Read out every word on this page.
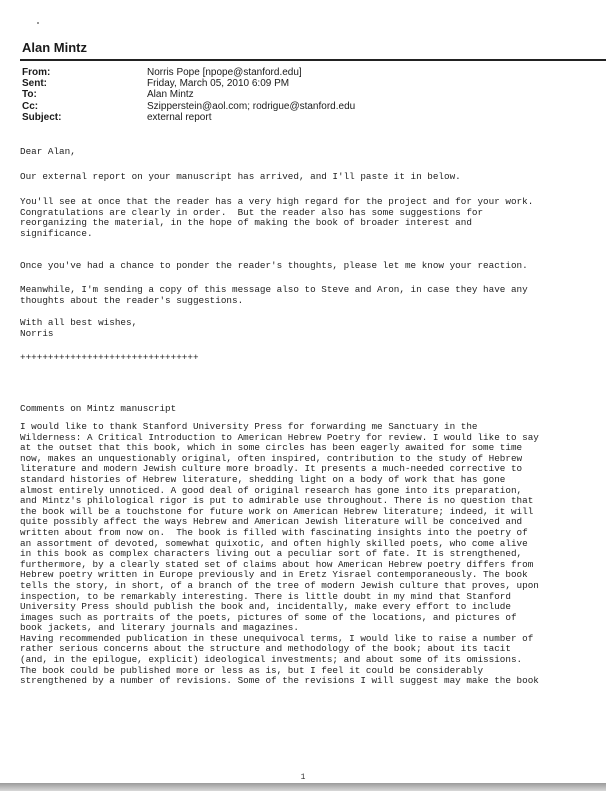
Alan Mintz
From:	Norris Pope [npope@stanford.edu]
Sent:	Friday, March 05, 2010 6:09 PM
To:	Alan Mintz
Cc:	Szipperstein@aol.com; rodrigue@stanford.edu
Subject:	external report

Dear Alan,

Our external report on your manuscript has arrived, and I'll paste it in below.

You'll see at once that the reader has a very high regard for the project and for your work.
Congratulations are clearly in order.  But the reader also has some suggestions for
reorganizing the material, in the hope of making the book of broader interest and
significance.

Once you've had a chance to ponder the reader's thoughts, please let me know your reaction.

Meanwhile, I'm sending a copy of this message also to Steve and Aron, in case they have any
thoughts about the reader's suggestions.

With all best wishes,
Norris

++++++++++++++++++++++++++++++++

Comments on Mintz manuscript

I would like to thank Stanford University Press for forwarding me Sanctuary in the
Wilderness: A Critical Introduction to American Hebrew Poetry for review. I would like to say
at the outset that this book, which in some circles has been eagerly awaited for some time
now, makes an unquestionably original, often inspired, contribution to the study of Hebrew
literature and modern Jewish culture more broadly. It presents a much-needed corrective to
standard histories of Hebrew literature, shedding light on a body of work that has gone
almost entirely unnoticed. A good deal of original research has gone into its preparation,
and Mintz's philological rigor is put to admirable use throughout. There is no question that
the book will be a touchstone for future work on American Hebrew literature; indeed, it will
quite possibly affect the ways Hebrew and American Jewish literature will be conceived and
written about from now on.  The book is filled with fascinating insights into the poetry of
an assortment of devoted, somewhat quixotic, and often highly skilled poets, who come alive
in this book as complex characters living out a peculiar sort of fate. It is strengthened,
furthermore, by a clearly stated set of claims about how American Hebrew poetry differs from
Hebrew poetry written in Europe previously and in Eretz Yisrael contemporaneously. The book
tells the story, in short, of a branch of the tree of modern Jewish culture that proves, upon
inspection, to be remarkably interesting. There is little doubt in my mind that Stanford
University Press should publish the book and, incidentally, make every effort to include
images such as portraits of the poets, pictures of some of the locations, and pictures of
book jackets, and literary journals and magazines.

Having recommended publication in these unequivocal terms, I would like to raise a number of
rather serious concerns about the structure and methodology of the book; about its tacit
(and, in the epilogue, explicit) ideological investments; and about some of its omissions.
The book could be published more or less as is, but I feel it could be considerably
strengthened by a number of revisions. Some of the revisions I will suggest may make the book

1
